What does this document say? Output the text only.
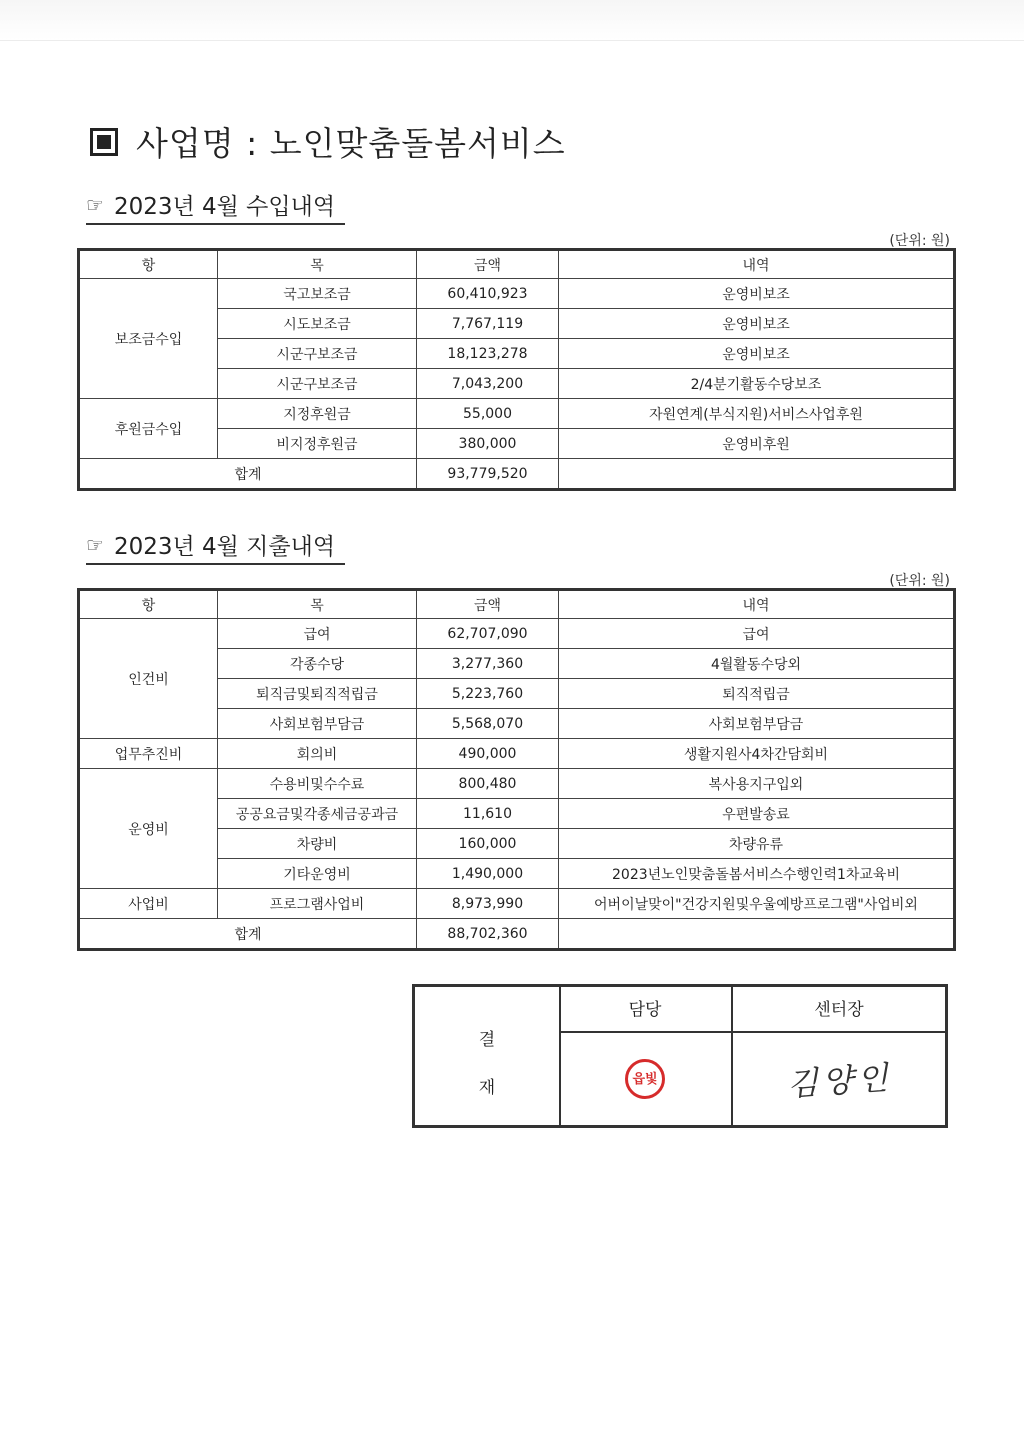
사업명 : 노인맞춤돌봄서비스
☞ 2023년 4월 수입내역
(단위: 원)
항	목	금액	내역
보조금수입	국고보조금	60,410,923	운영비보조
	시도보조금	7,767,119	운영비보조
	시군구보조금	18,123,278	운영비보조
	시군구보조금	7,043,200	2/4분기활동수당보조
후원금수입	지정후원금	55,000	자원연계(부식지원)서비스사업후원
	비지정후원금	380,000	운영비후원
합계		93,779,520	
☞ 2023년 4월 지출내역
(단위: 원)
항	목	금액	내역
인건비	급여	62,707,090	급여
	각종수당	3,277,360	4월활동수당외
	퇴직금및퇴직적립금	5,223,760	퇴직적립금
	사회보험부담금	5,568,070	사회보험부담금
업무추진비	회의비	490,000	생활지원사4차간담회비
운영비	수용비및수수료	800,480	복사용지구입외
	공공요금및각종세금공과금	11,610	우편발송료
	차량비	160,000	차량유류
	기타운영비	1,490,000	2023년노인맞춤돌봄서비스수행인력1차교육비
사업비	프로그램사업비	8,973,990	어버이날맞이"건강지원및우울예방프로그램"사업비외
합계		88,702,360	
결
재
담당	센터장
읍빛	김양인
